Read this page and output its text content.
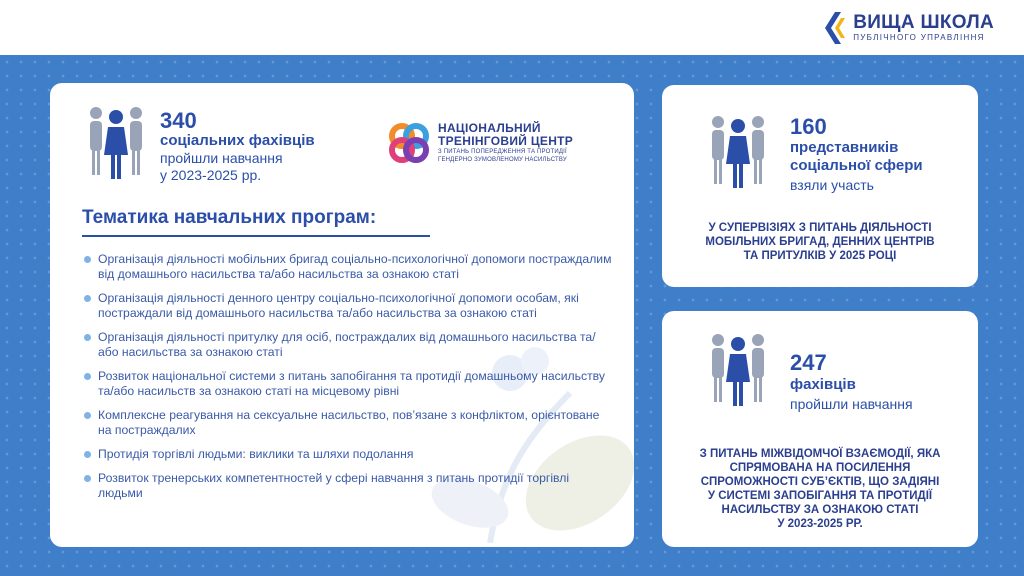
ВИЩА ШКОЛА
ПУБЛІЧНОГО УПРАВЛІННЯ
340
соціальних фахівців
пройшли навчання
у 2023-2025 рр.
НАЦІОНАЛЬНИЙ
ТРЕНІНГОВИЙ ЦЕНТР
З ПИТАНЬ ПОПЕРЕДЖЕННЯ ТА ПРОТИДІЇ
ГЕНДЕРНО ЗУМОВЛЕНОМУ НАСИЛЬСТВУ
Тематика навчальних програм:
Організація діяльності мобільних бригад соціально-психологічної допомоги постраждалим від домашнього насильства та/або насильства за ознакою статі
Організація діяльності денного центру соціально-психологічної допомоги особам, які постраждали від домашнього насильства та/або насильства за ознакою статі
Організація діяльності притулку для осіб, постраждалих від домашнього насильства та/або насильства за ознакою статі
Розвиток національної системи з питань запобігання та протидії домашньому насильству та/або насильств за ознакою статі на місцевому рівні
Комплексне реагування на сексуальне насильство, пов’язане з конфліктом, орієнтоване на постраждалих
Протидія торгівлі людьми: виклики та шляхи подолання
Розвиток тренерських компетентностей у сфері навчання з питань протидії торгівлі людьми
160
представників
соціальної сфери
взяли участь
У СУПЕРВІЗІЯХ З ПИТАНЬ ДІЯЛЬНОСТІ
МОБІЛЬНИХ БРИГАД, ДЕННИХ ЦЕНТРІВ
ТА ПРИТУЛКІВ У 2025 РОЦІ
247
фахівців
пройшли навчання
З ПИТАНЬ МІЖВІДОМЧОЇ ВЗАЄМОДІЇ, ЯКА
СПРЯМОВАНА НА ПОСИЛЕННЯ
СПРОМОЖНОСТІ СУБ’ЄКТІВ, ЩО ЗАДІЯНІ
У СИСТЕМІ ЗАПОБІГАННЯ ТА ПРОТИДІЇ
НАСИЛЬСТВУ ЗА ОЗНАКОЮ СТАТІ
У 2023-2025 РР.
